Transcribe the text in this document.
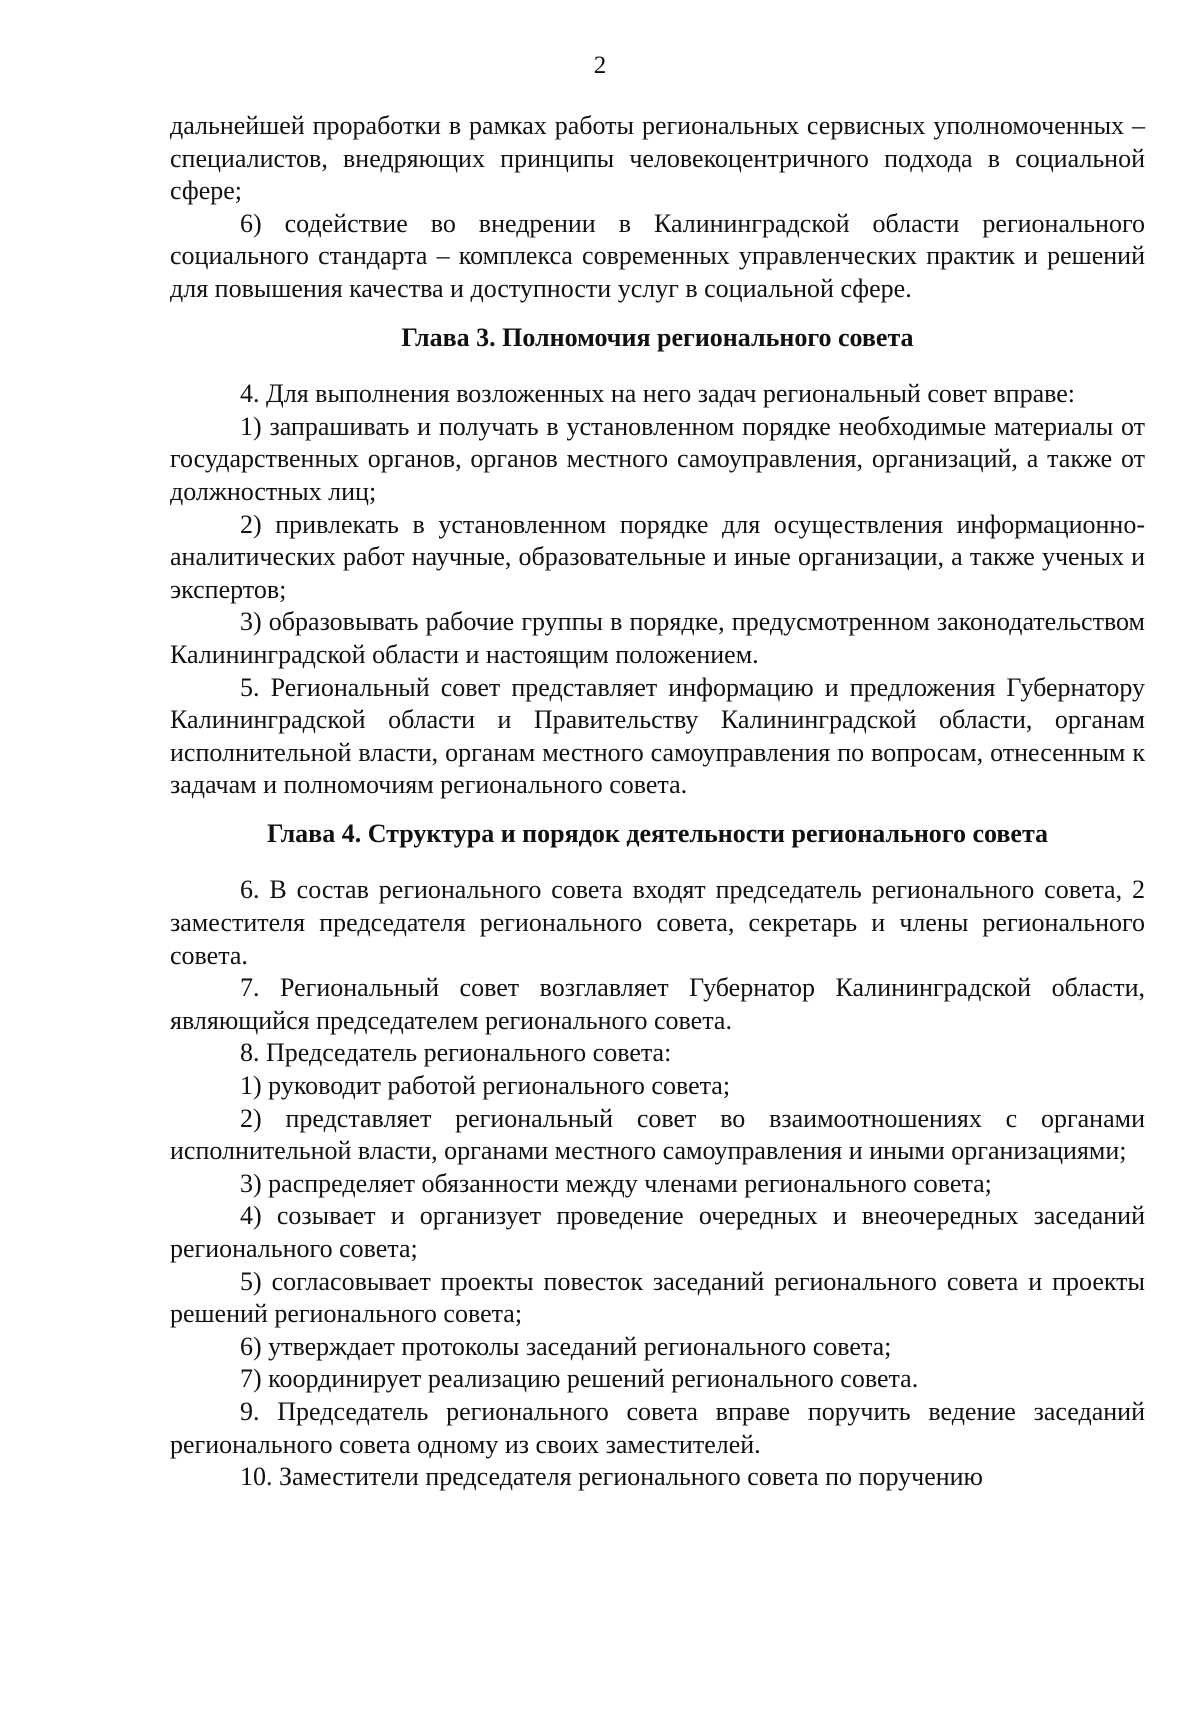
2

дальнейшей проработки в рамках работы региональных сервисных уполномоченных – специалистов, внедряющих принципы человекоцентричного подхода в социальной сфере;

6) содействие во внедрении в Калининградской области регионального социального стандарта – комплекса современных управленческих практик и решений для повышения качества и доступности услуг в социальной сфере.

Глава 3. Полномочия регионального совета

4. Для выполнения возложенных на него задач региональный совет вправе:

1) запрашивать и получать в установленном порядке необходимые материалы от государственных органов, органов местного самоуправления, организаций, а также от должностных лиц;

2) привлекать в установленном порядке для осуществления информационно-аналитических работ научные, образовательные и иные организации, а также ученых и экспертов;

3) образовывать рабочие группы в порядке, предусмотренном законодательством Калининградской области и настоящим положением.

5. Региональный совет представляет информацию и предложения Губернатору Калининградской области и Правительству Калининградской области, органам исполнительной власти, органам местного самоуправления по вопросам, отнесенным к задачам и полномочиям регионального совета.

Глава 4. Структура и порядок деятельности регионального совета

6. В состав регионального совета входят председатель регионального совета, 2 заместителя председателя регионального совета, секретарь и члены регионального совета.

7. Региональный совет возглавляет Губернатор Калининградской области, являющийся председателем регионального совета.

8. Председатель регионального совета:

1) руководит работой регионального совета;

2) представляет региональный совет во взаимоотношениях с органами исполнительной власти, органами местного самоуправления и иными организациями;

3) распределяет обязанности между членами регионального совета;

4) созывает и организует проведение очередных и внеочередных заседаний регионального совета;

5) согласовывает проекты повесток заседаний регионального совета и проекты решений регионального совета;

6) утверждает протоколы заседаний регионального совета;

7) координирует реализацию решений регионального совета.

9. Председатель регионального совета вправе поручить ведение заседаний регионального совета одному из своих заместителей.

10. Заместители председателя регионального совета по поручению
